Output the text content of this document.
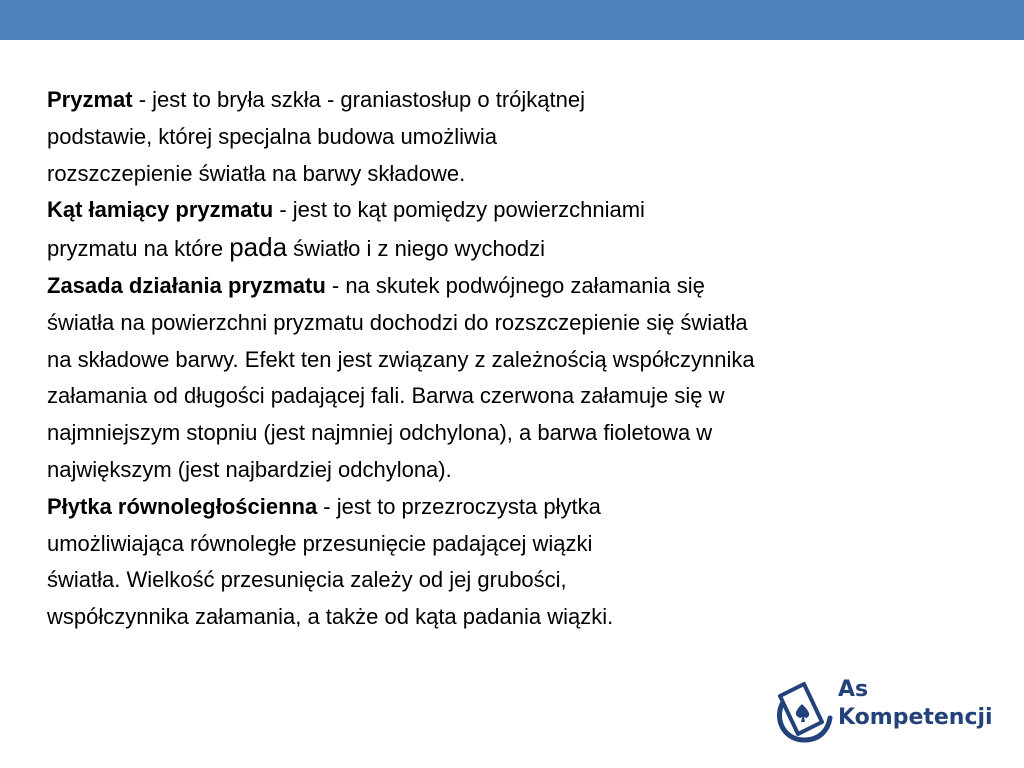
Pryzmat - jest to bryła szkła - graniastosłup o trójkątnej
podstawie, której specjalna budowa umożliwia
rozszczepienie światła na barwy składowe.
Kąt łamiący pryzmatu - jest to kąt pomiędzy powierzchniami
pryzmatu na które pada światło i z niego wychodzi
Zasada działania pryzmatu - na skutek podwójnego załamania się
światła na powierzchni pryzmatu dochodzi do rozszczepienie się światła
na składowe barwy. Efekt ten jest związany z zależnością współczynnika
załamania od długości padającej fali. Barwa czerwona załamuje się w
najmniejszym stopniu (jest najmniej odchylona), a barwa fioletowa w
największym (jest najbardziej odchylona).
Płytka równoległościenna - jest to przezroczysta płytka
umożliwiająca równoległe przesunięcie padającej wiązki
światła. Wielkość przesunięcia zależy od jej grubości,
współczynnika załamania, a także od kąta padania wiązki.
As
Kompetencji
